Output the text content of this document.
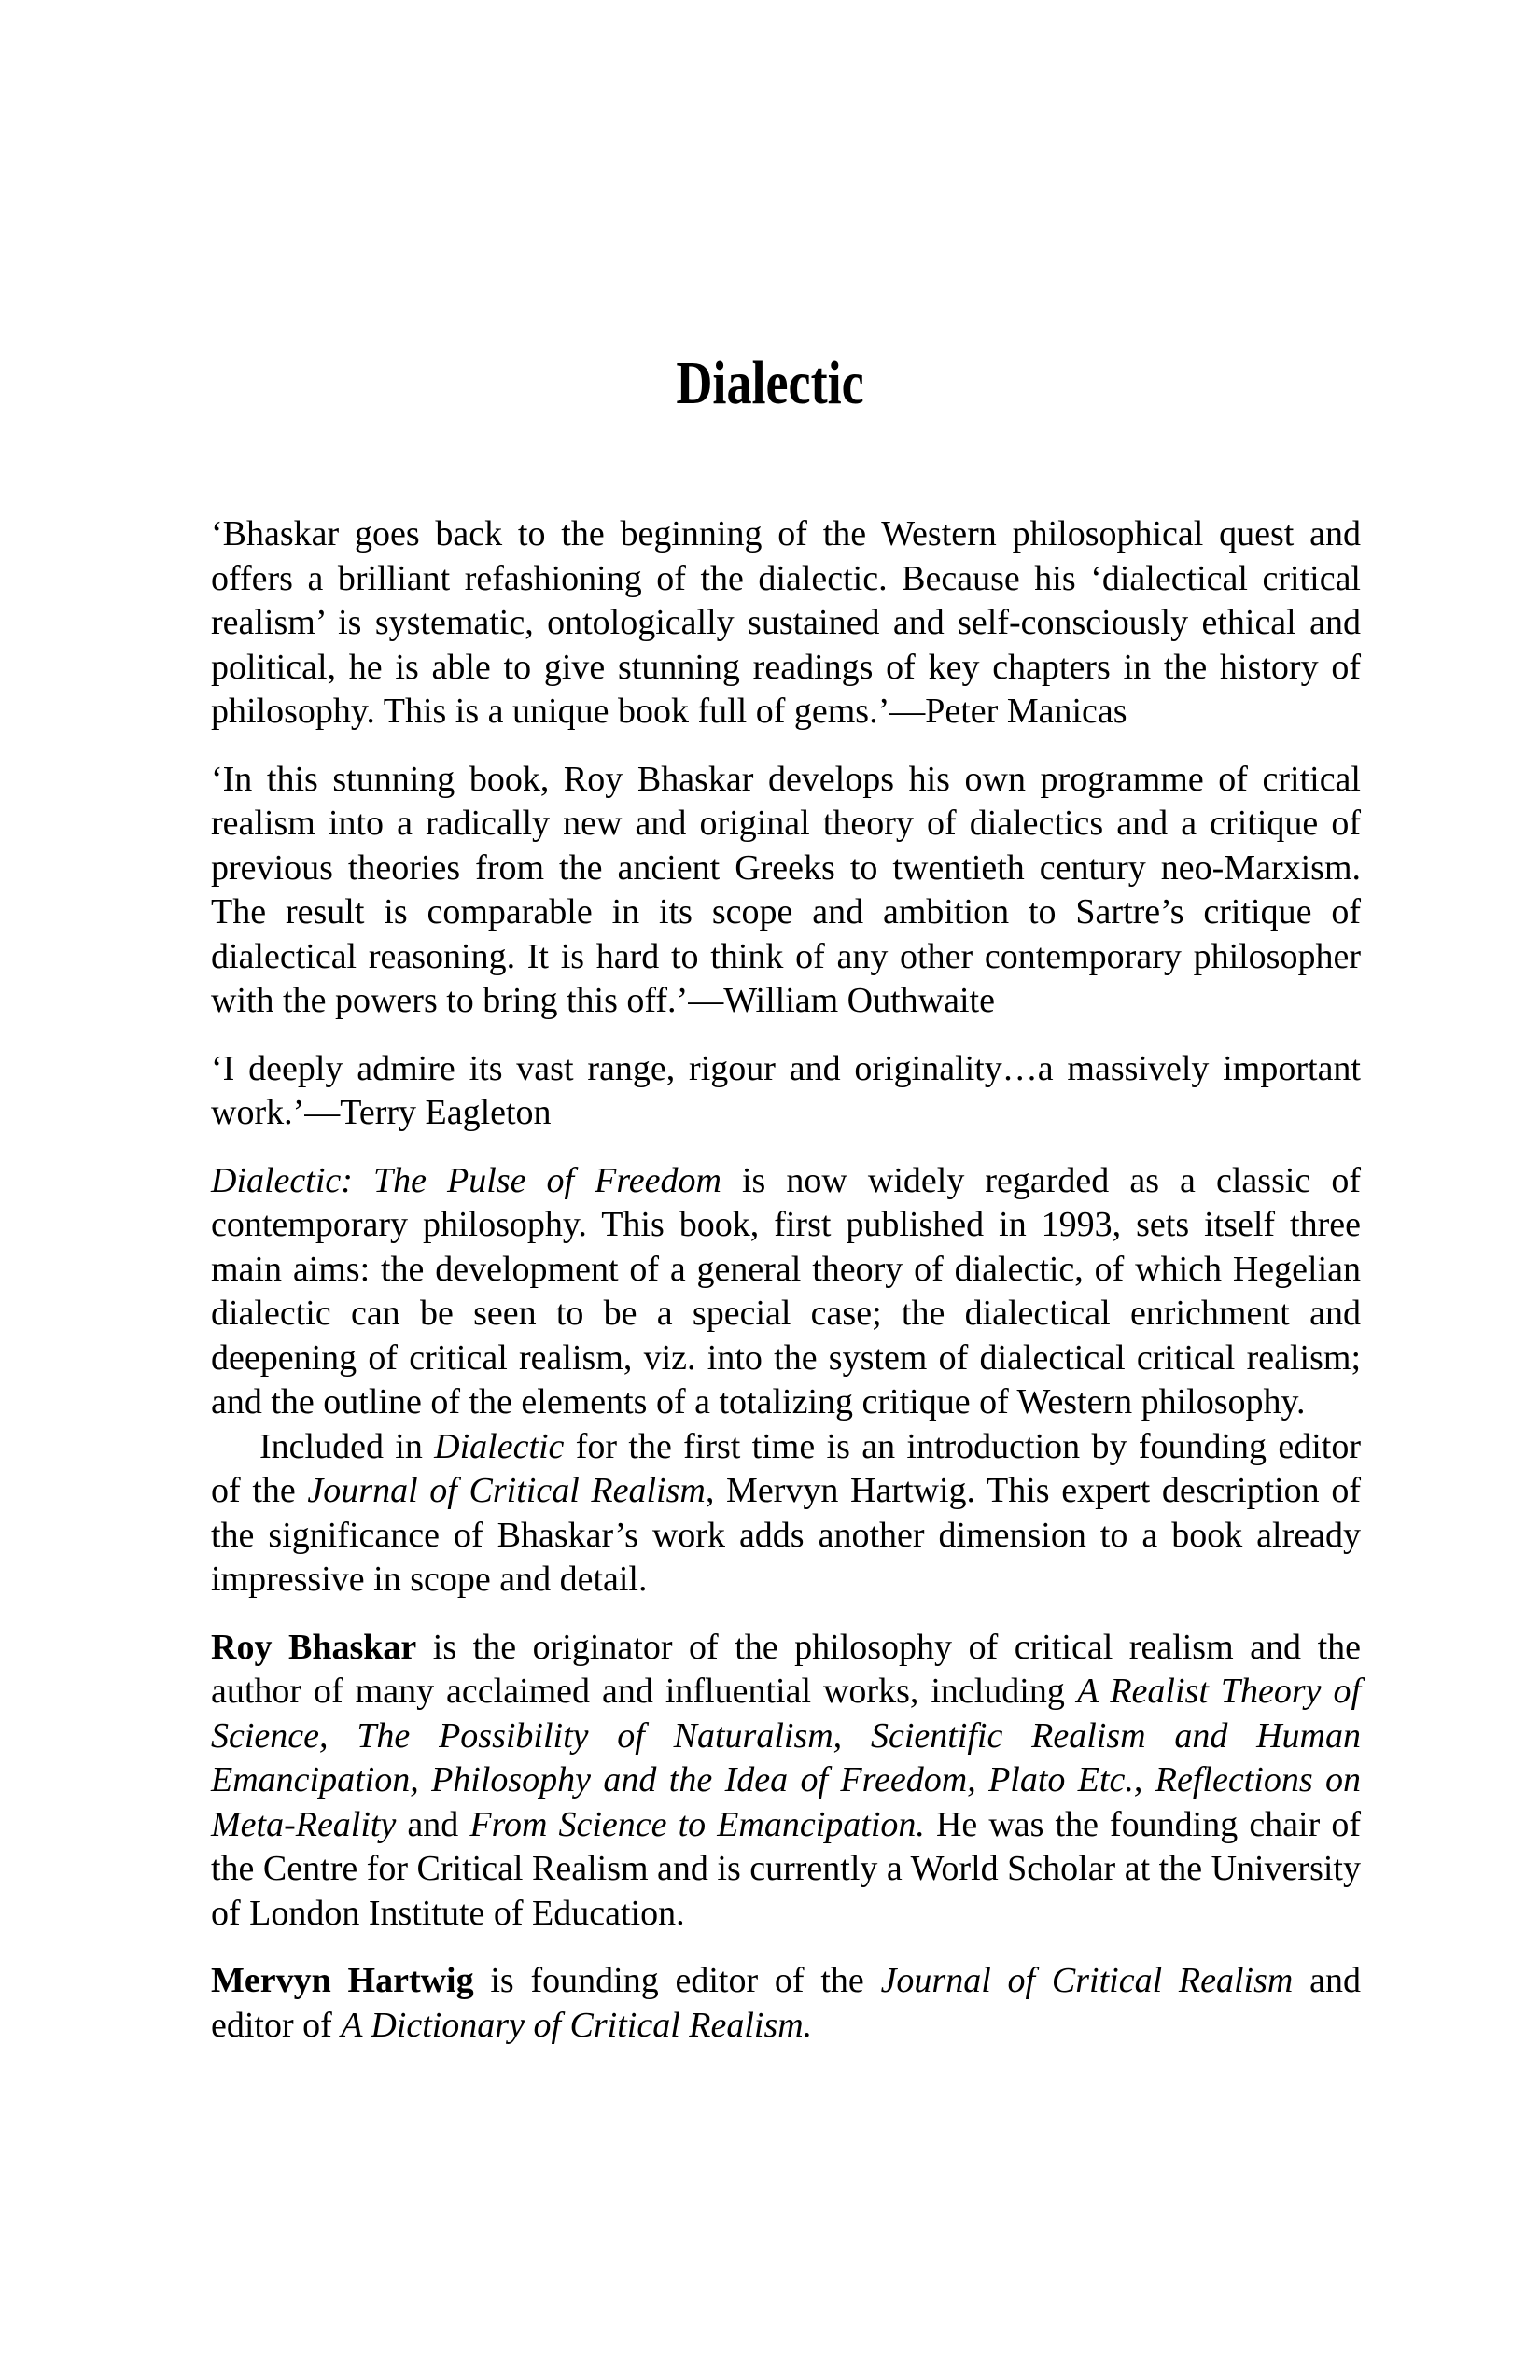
Dialectic

‘Bhaskar goes back to the beginning of the Western philosophical quest and offers a brilliant refashioning of the dialectic. Because his ‘dialectical critical realism’ is systematic, ontologically sustained and self-consciously ethical and political, he is able to give stunning readings of key chapters in the history of philosophy. This is a unique book full of gems.’—Peter Manicas

‘In this stunning book, Roy Bhaskar develops his own programme of critical realism into a radically new and original theory of dialectics and a critique of previous theories from the ancient Greeks to twentieth century neo-Marxism. The result is comparable in its scope and ambition to Sartre’s critique of dialectical reasoning. It is hard to think of any other contemporary philosopher with the powers to bring this off.’—William Outhwaite

‘I deeply admire its vast range, rigour and originality…a massively important work.’—Terry Eagleton

Dialectic: The Pulse of Freedom is now widely regarded as a classic of contemporary philosophy. This book, first published in 1993, sets itself three main aims: the development of a general theory of dialectic, of which Hegelian dialectic can be seen to be a special case; the dialectical enrichment and deepening of critical realism, viz. into the system of dialectical critical realism; and the outline of the elements of a totalizing critique of Western philosophy.

Included in Dialectic for the first time is an introduction by founding editor of the Journal of Critical Realism, Mervyn Hartwig. This expert description of the significance of Bhaskar’s work adds another dimension to a book already impressive in scope and detail.

Roy Bhaskar is the originator of the philosophy of critical realism and the author of many acclaimed and influential works, including A Realist Theory of Science, The Possibility of Naturalism, Scientific Realism and Human Emancipation, Philosophy and the Idea of Freedom, Plato Etc., Reflections on Meta-Reality and From Science to Emancipation. He was the founding chair of the Centre for Critical Realism and is currently a World Scholar at the University of London Institute of Education.

Mervyn Hartwig is founding editor of the Journal of Critical Realism and editor of A Dictionary of Critical Realism.
